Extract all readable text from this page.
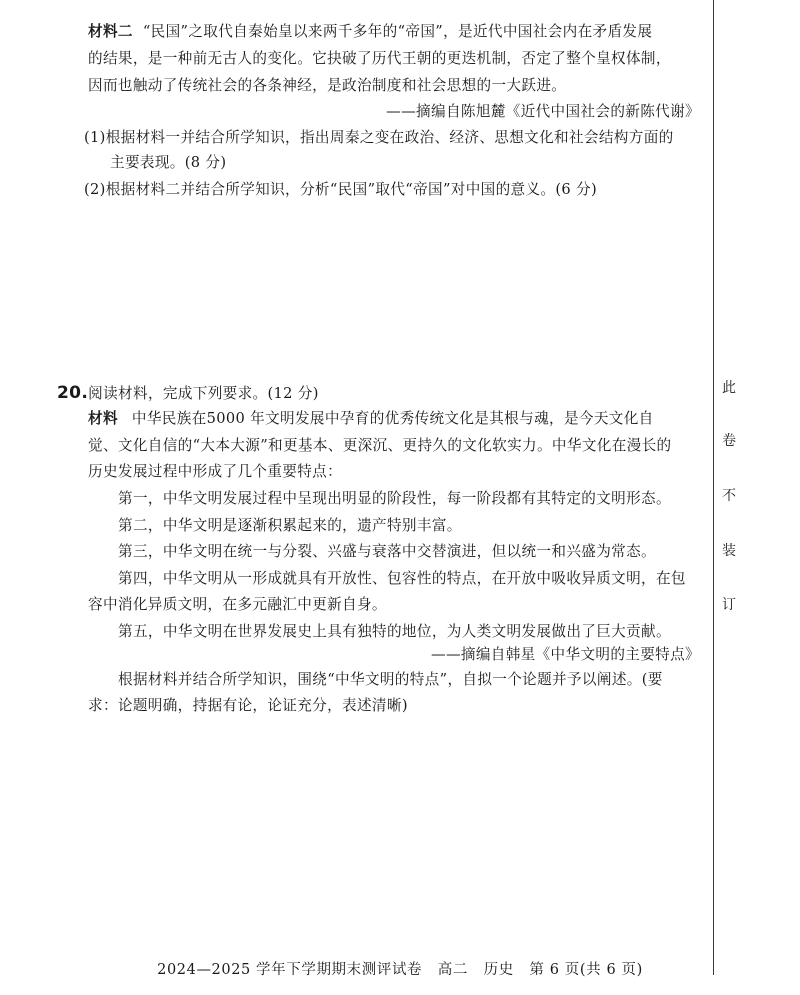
材料二 “民国”之取代自秦始皇以来两千多年的“帝国”，是近代中国社会内在矛盾发展
的结果，是一种前无古人的变化。它抉破了历代王朝的更迭机制，否定了整个皇权体制，
因而也触动了传统社会的各条神经，是政治制度和社会思想的一大跃进。
——摘编自陈旭麓《近代中国社会的新陈代谢》
(1)根据材料一并结合所学知识，指出周秦之变在政治、经济、思想文化和社会结构方面的
主要表现。(8 分)
(2)根据材料二并结合所学知识，分析“民国”取代“帝国”对中国的意义。(6 分)
20.阅读材料，完成下列要求。(12 分)
材料 中华民族在5000 年文明发展中孕育的优秀传统文化是其根与魂，是今天文化自
觉、文化自信的“大本大源”和更基本、更深沉、更持久的文化软实力。中华文化在漫长的
历史发展过程中形成了几个重要特点：
第一，中华文明发展过程中呈现出明显的阶段性，每一阶段都有其特定的文明形态。
第二，中华文明是逐渐积累起来的，遗产特别丰富。
第三，中华文明在统一与分裂、兴盛与衰落中交替演进，但以统一和兴盛为常态。
第四，中华文明从一形成就具有开放性、包容性的特点，在开放中吸收异质文明，在包
容中消化异质文明，在多元融汇中更新自身。
第五，中华文明在世界发展史上具有独特的地位，为人类文明发展做出了巨大贡献。
——摘编自韩星《中华文明的主要特点》
根据材料并结合所学知识，围绕“中华文明的特点”，自拟一个论题并予以阐述。(要
求：论题明确，持据有论，论证充分，表述清晰)
此
卷
不
装
订
2024—2025 学年下学期期末测评试卷   高二   历史   第 6 页(共 6 页)
